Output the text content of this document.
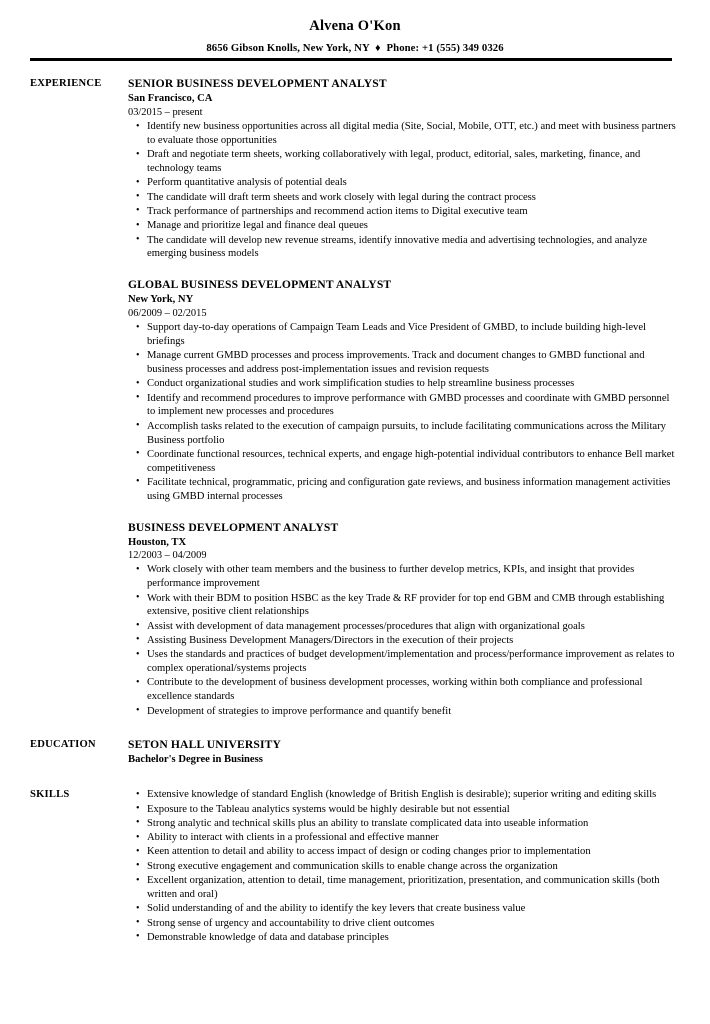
Alvena O'Kon
8656 Gibson Knolls, New York, NY ♦ Phone: +1 (555) 349 0326
EXPERIENCE	SENIOR BUSINESS DEVELOPMENT ANALYST
San Francisco, CA
03/2015 – present
• Identify new business opportunities across all digital media (Site, Social, Mobile, OTT, etc.) and meet with business partners to evaluate those opportunities
• Draft and negotiate term sheets, working collaboratively with legal, product, editorial, sales, marketing, finance, and technology teams
• Perform quantitative analysis of potential deals
• The candidate will draft term sheets and work closely with legal during the contract process
• Track performance of partnerships and recommend action items to Digital executive team
• Manage and prioritize legal and finance deal queues
• The candidate will develop new revenue streams, identify innovative media and advertising technologies, and analyze emerging business models
GLOBAL BUSINESS DEVELOPMENT ANALYST
New York, NY
06/2009 – 02/2015
• Support day-to-day operations of Campaign Team Leads and Vice President of GMBD, to include building high-level briefings
• Manage current GMBD processes and process improvements. Track and document changes to GMBD functional and business processes and address post-implementation issues and revision requests
• Conduct organizational studies and work simplification studies to help streamline business processes
• Identify and recommend procedures to improve performance with GMBD processes and coordinate with GMBD personnel to implement new processes and procedures
• Accomplish tasks related to the execution of campaign pursuits, to include facilitating communications across the Military Business portfolio
• Coordinate functional resources, technical experts, and engage high-potential individual contributors to enhance Bell market competitiveness
• Facilitate technical, programmatic, pricing and configuration gate reviews, and business information management activities using GMBD internal processes
BUSINESS DEVELOPMENT ANALYST
Houston, TX
12/2003 – 04/2009
• Work closely with other team members and the business to further develop metrics, KPIs, and insight that provides performance improvement
• Work with their BDM to position HSBC as the key Trade & RF provider for top end GBM and CMB through establishing extensive, positive client relationships
• Assist with development of data management processes/procedures that align with organizational goals
• Assisting Business Development Managers/Directors in the execution of their projects
• Uses the standards and practices of budget development/implementation and process/performance improvement as relates to complex operational/systems projects
• Contribute to the development of business development processes, working within both compliance and professional excellence standards
• Development of strategies to improve performance and quantify benefit
EDUCATION	SETON HALL UNIVERSITY
Bachelor's Degree in Business
SKILLS	• Extensive knowledge of standard English (knowledge of British English is desirable); superior writing and editing skills
• Exposure to the Tableau analytics systems would be highly desirable but not essential
• Strong analytic and technical skills plus an ability to translate complicated data into useable information
• Ability to interact with clients in a professional and effective manner
• Keen attention to detail and ability to access impact of design or coding changes prior to implementation
• Strong executive engagement and communication skills to enable change across the organization
• Excellent organization, attention to detail, time management, prioritization, presentation, and communication skills (both written and oral)
• Solid understanding of and the ability to identify the key levers that create business value
• Strong sense of urgency and accountability to drive client outcomes
• Demonstrable knowledge of data and database principles
